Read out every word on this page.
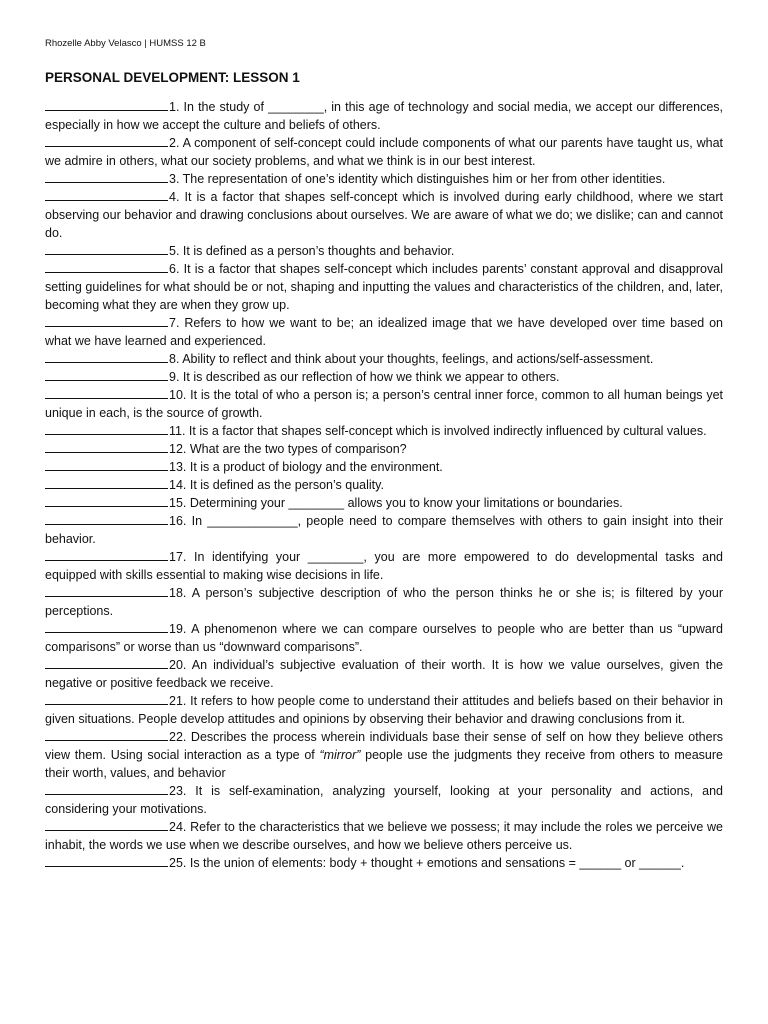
Rhozelle Abby Velasco | HUMSS 12 B
PERSONAL DEVELOPMENT: LESSON 1

1. In the study of ________, in this age of technology and social media, we accept our differences, especially in how we accept the culture and beliefs of others.

2. A component of self-concept could include components of what our parents have taught us, what we admire in others, what our society problems, and what we think is in our best interest.

3. The representation of one’s identity which distinguishes him or her from other identities.

4. It is a factor that shapes self-concept which is involved during early childhood, where we start observing our behavior and drawing conclusions about ourselves. We are aware of what we do; we dislike; can and cannot do.

5. It is defined as a person’s thoughts and behavior.

6. It is a factor that shapes self-concept which includes parents’ constant approval and disapproval setting guidelines for what should be or not, shaping and inputting the values and characteristics of the children, and, later, becoming what they are when they grow up.

7. Refers to how we want to be; an idealized image that we have developed over time based on what we have learned and experienced.

8. Ability to reflect and think about your thoughts, feelings, and actions/self-assessment.

9. It is described as our reflection of how we think we appear to others.

10. It is the total of who a person is; a person’s central inner force, common to all human beings yet unique in each, is the source of growth.

11. It is a factor that shapes self-concept which is involved indirectly influenced by cultural values.

12. What are the two types of comparison?

13. It is a product of biology and the environment.

14. It is defined as the person’s quality.

15. Determining your ________ allows you to know your limitations or boundaries.

16. In _____________, people need to compare themselves with others to gain insight into their behavior.

17. In identifying your ________, you are more empowered to do developmental tasks and equipped with skills essential to making wise decisions in life.

18. A person’s subjective description of who the person thinks he or she is; is filtered by your perceptions.

19. A phenomenon where we can compare ourselves to people who are better than us “upward comparisons” or worse than us “downward comparisons”.

20. An individual’s subjective evaluation of their worth. It is how we value ourselves, given the negative or positive feedback we receive.

21. It refers to how people come to understand their attitudes and beliefs based on their behavior in given situations. People develop attitudes and opinions by observing their behavior and drawing conclusions from it.

22. Describes the process wherein individuals base their sense of self on how they believe others view them. Using social interaction as a type of “mirror” people use the judgments they receive from others to measure their worth, values, and behavior

23. It is self-examination, analyzing yourself, looking at your personality and actions, and considering your motivations.

24. Refer to the characteristics that we believe we possess; it may include the roles we perceive we inhabit, the words we use when we describe ourselves, and how we believe others perceive us.

25. Is the union of elements: body + thought + emotions and sensations = ______ or ______.
